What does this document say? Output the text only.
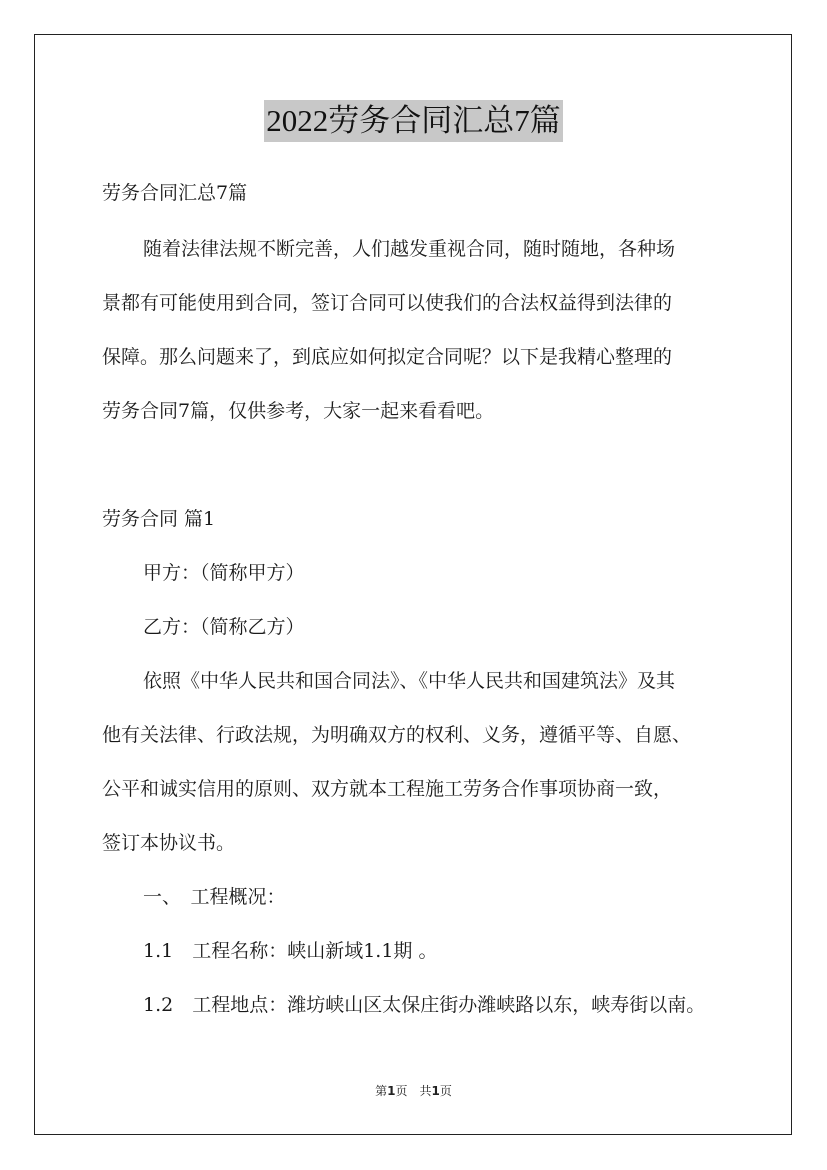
2022劳务合同汇总7篇
劳务合同汇总7篇
随着法律法规不断完善，人们越发重视合同，随时随地，各种场
景都有可能使用到合同，签订合同可以使我们的合法权益得到法律的
保障。那么问题来了，到底应如何拟定合同呢？以下是我精心整理的
劳务合同7篇，仅供参考，大家一起来看看吧。
劳务合同 篇1
甲方：（简称甲方）
乙方：（简称乙方）
依照《中华人民共和国合同法》、《中华人民共和国建筑法》及其
他有关法律、行政法规，为明确双方的权利、义务，遵循平等、自愿、
公平和诚实信用的原则、双方就本工程施工劳务合作事项协商一致，
签订本协议书。
一、　工程概况：
1.1　工程名称：峡山新域1.1期 。
1.2　工程地点：潍坊峡山区太保庄街办潍峡路以东，峡寿街以南。
第1页　共1页
